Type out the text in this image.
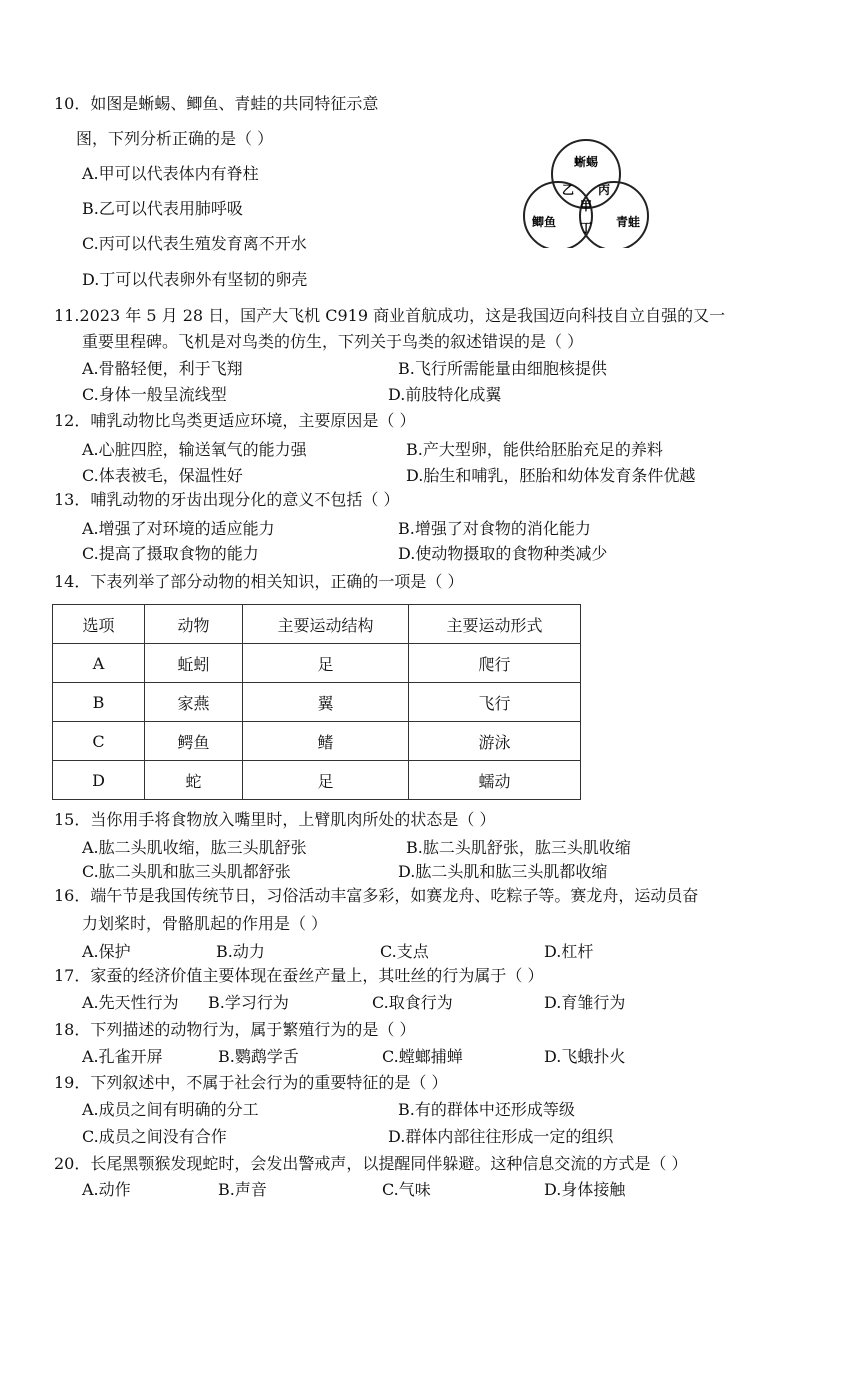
10．如图是蜥蜴、鲫鱼、青蛙的共同特征示意
图，下列分析正确的是（ ）
A.甲可以代表体内有脊柱
B.乙可以代表用肺呼吸
C.丙可以代表生殖发育离不开水
D.丁可以代表卵外有坚韧的卵壳
蜥蜴
鲫鱼	青蛙
甲
乙 丙
丁
11.2023 年 5 月 28 日，国产大飞机 C919 商业首航成功，这是我国迈向科技自立自强的又一
重要里程碑。飞机是对鸟类的仿生，下列关于鸟类的叙述错误的是（ ）
A.骨骼轻便，利于飞翔	B.飞行所需能量由细胞核提供
C.身体一般呈流线型	D.前肢特化成翼
12．哺乳动物比鸟类更适应环境，主要原因是（ ）
A.心脏四腔，输送氧气的能力强	B.产大型卵，能供给胚胎充足的养料
C.体表被毛，保温性好	D.胎生和哺乳，胚胎和幼体发育条件优越
13．哺乳动物的牙齿出现分化的意义不包括（ ）
A.增强了对环境的适应能力	B.增强了对食物的消化能力
C.提高了摄取食物的能力	D.使动物摄取的食物种类减少
14．下表列举了部分动物的相关知识，正确的一项是（ ）
选项	动物	主要运动结构	主要运动形式
A	蚯蚓	足	爬行
B	家燕	翼	飞行
C	鳄鱼	鳍	游泳
D	蛇	足	蠕动
15．当你用手将食物放入嘴里时，上臂肌肉所处的状态是（ ）
A.肱二头肌收缩，肱三头肌舒张	B.肱二头肌舒张，肱三头肌收缩
C.肱二头肌和肱三头肌都舒张	D.肱二头肌和肱三头肌都收缩
16．端午节是我国传统节日，习俗活动丰富多彩，如赛龙舟、吃粽子等。赛龙舟，运动员奋
力划桨时，骨骼肌起的作用是（ ）
A.保护	B.动力	C.支点	D.杠杆
17．家蚕的经济价值主要体现在蚕丝产量上，其吐丝的行为属于（ ）
A.先天性行为 B.学习行为	C.取食行为	D.育雏行为
18．下列描述的动物行为，属于繁殖行为的是（ ）
A.孔雀开屏	B.鹦鹉学舌	C.螳螂捕蝉	D.飞蛾扑火
19．下列叙述中，不属于社会行为的重要特征的是（ ）
A.成员之间有明确的分工	B.有的群体中还形成等级
C.成员之间没有合作	D.群体内部往往形成一定的组织
20．长尾黑颚猴发现蛇时，会发出警戒声，以提醒同伴躲避。这种信息交流的方式是（ ）
A.动作	B.声音	C.气味	D.身体接触
